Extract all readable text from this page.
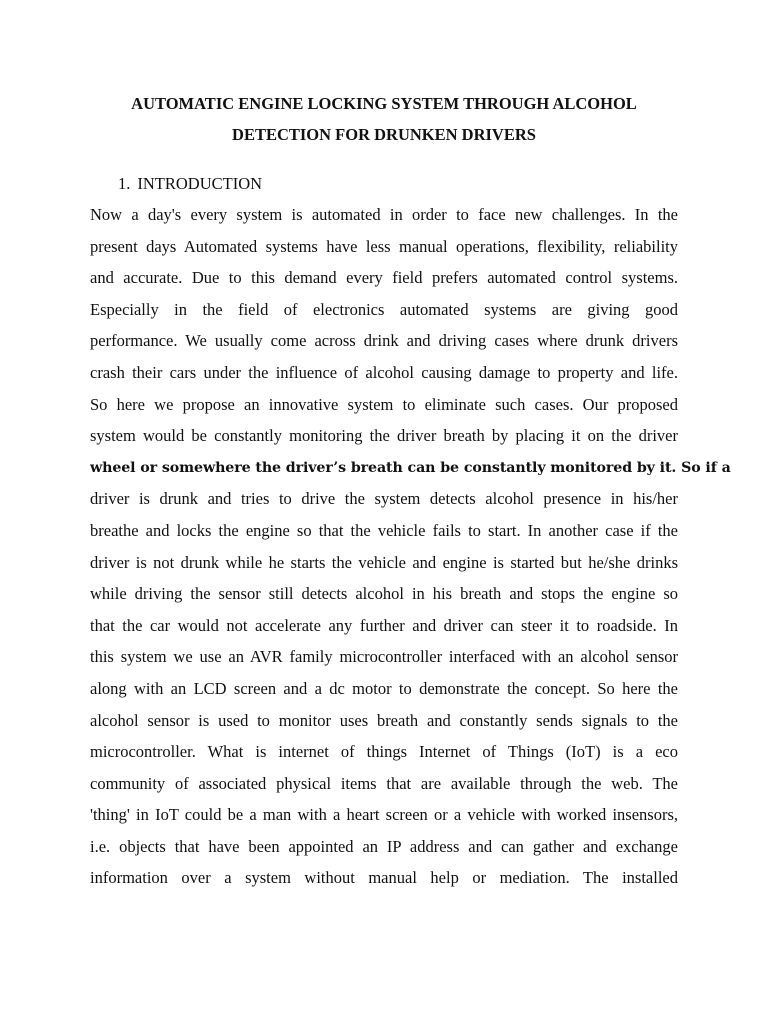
AUTOMATIC ENGINE LOCKING SYSTEM THROUGH ALCOHOL
DETECTION FOR DRUNKEN DRIVERS
1. INTRODUCTION
Now a day's every system is automated in order to face new challenges. In the
present days Automated systems have less manual operations, flexibility, reliability
and accurate. Due to this demand every field prefers automated control systems.
Especially in the field of electronics automated systems are giving good
performance. We usually come across drink and driving cases where drunk drivers
crash their cars under the influence of alcohol causing damage to property and life.
So here we propose an innovative system to eliminate such cases. Our proposed
system would be constantly monitoring the driver breath by placing it on the driver
wheel or somewhere the driver’s breath can be constantly monitored by it. So if a
driver is drunk and tries to drive the system detects alcohol presence in his/her
breathe and locks the engine so that the vehicle fails to start. In another case if the
driver is not drunk while he starts the vehicle and engine is started but he/she drinks
while driving the sensor still detects alcohol in his breath and stops the engine so
that the car would not accelerate any further and driver can steer it to roadside. In
this system we use an AVR family microcontroller interfaced with an alcohol sensor
along with an LCD screen and a dc motor to demonstrate the concept. So here the
alcohol sensor is used to monitor uses breath and constantly sends signals to the
microcontroller. What is internet of things Internet of Things (IoT) is a eco
community of associated physical items that are available through the web. The
'thing' in IoT could be a man with a heart screen or a vehicle with worked insensors,
i.e. objects that have been appointed an IP address and can gather and exchange
information over a system without manual help or mediation. The installed
